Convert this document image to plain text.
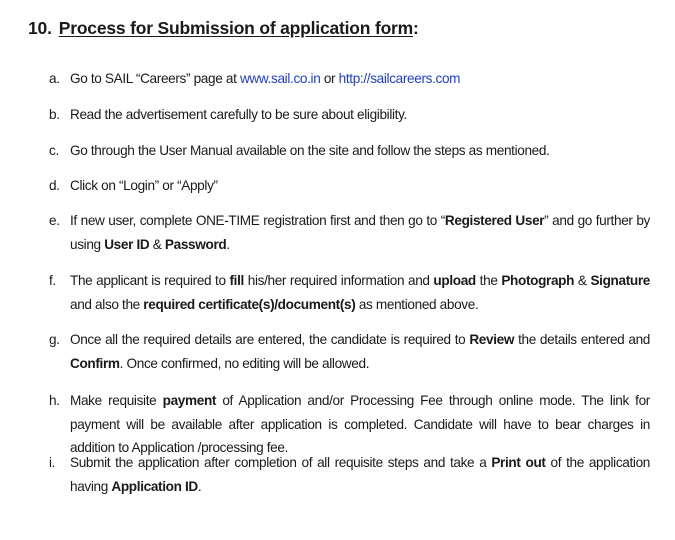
10. Process for Submission of application form:
a. Go to SAIL “Careers” page at www.sail.co.in or http://sailcareers.com
b. Read the advertisement carefully to be sure about eligibility.
c. Go through the User Manual available on the site and follow the steps as mentioned.
d. Click on “Login” or “Apply”
e. If new user, complete ONE-TIME registration first and then go to “Registered User” and go further by using User ID & Password.
f. The applicant is required to fill his/her required information and upload the Photograph & Signature and also the required certificate(s)/document(s) as mentioned above.
g. Once all the required details are entered, the candidate is required to Review the details entered and Confirm. Once confirmed, no editing will be allowed.
h. Make requisite payment of Application and/or Processing Fee through online mode. The link for payment will be available after application is completed. Candidate will have to bear charges in addition to Application /processing fee.
i. Submit the application after completion of all requisite steps and take a Print out of the application having Application ID.
